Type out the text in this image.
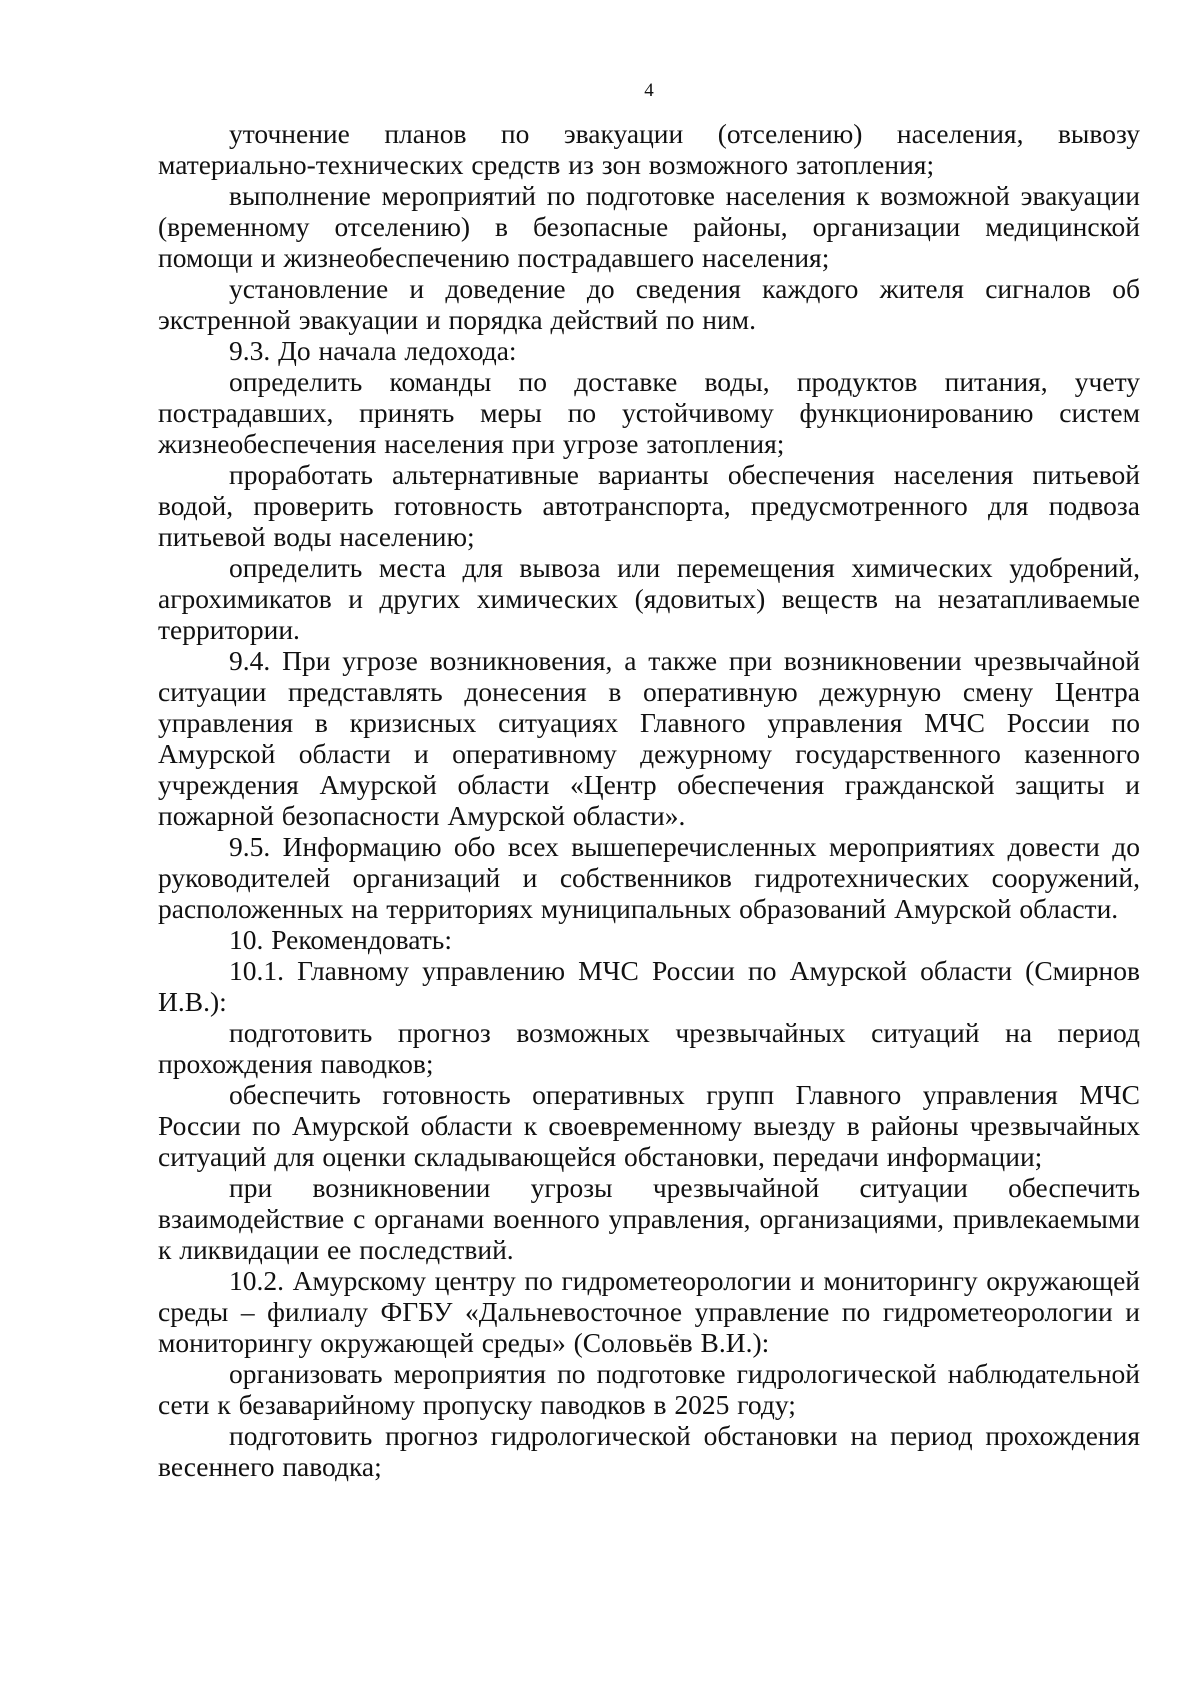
4

уточнение планов по эвакуации (отселению) населения, вывозу материально-технических средств из зон возможного затопления;

выполнение мероприятий по подготовке населения к возможной эвакуации (временному отселению) в безопасные районы, организации медицинской помощи и жизнеобеспечению пострадавшего населения;

установление и доведение до сведения каждого жителя сигналов об экстренной эвакуации и порядка действий по ним.

9.3. До начала ледохода:

определить команды по доставке воды, продуктов питания, учету пострадавших, принять меры по устойчивому функционированию систем жизнеобеспечения населения при угрозе затопления;

проработать альтернативные варианты обеспечения населения питьевой водой, проверить готовность автотранспорта, предусмотренного для подвоза питьевой воды населению;

определить места для вывоза или перемещения химических удобрений, агрохимикатов и других химических (ядовитых) веществ на незатапливаемые территории.

9.4. При угрозе возникновения, а также при возникновении чрезвычайной ситуации представлять донесения в оперативную дежурную смену Центра управления в кризисных ситуациях Главного управления МЧС России по Амурской области и оперативному дежурному государственного казенного учреждения Амурской области «Центр обеспечения гражданской защиты и пожарной безопасности Амурской области».

9.5. Информацию обо всех вышеперечисленных мероприятиях довести до руководителей организаций и собственников гидротехнических сооружений, расположенных на территориях муниципальных образований Амурской области.

10. Рекомендовать:

10.1. Главному управлению МЧС России по Амурской области (Смирнов И.В.):

подготовить прогноз возможных чрезвычайных ситуаций на период прохождения паводков;

обеспечить готовность оперативных групп Главного управления МЧС России по Амурской области к своевременному выезду в районы чрезвычайных ситуаций для оценки складывающейся обстановки, передачи информации;

при возникновении угрозы чрезвычайной ситуации обеспечить взаимодействие с органами военного управления, организациями, привлекаемыми к ликвидации ее последствий.

10.2. Амурскому центру по гидрометеорологии и мониторингу окружающей среды – филиалу ФГБУ «Дальневосточное управление по гидрометеорологии и мониторингу окружающей среды» (Соловьёв В.И.):

организовать мероприятия по подготовке гидрологической наблюдательной сети к безаварийному пропуску паводков в 2025 году;

подготовить прогноз гидрологической обстановки на период прохождения весеннего паводка;
